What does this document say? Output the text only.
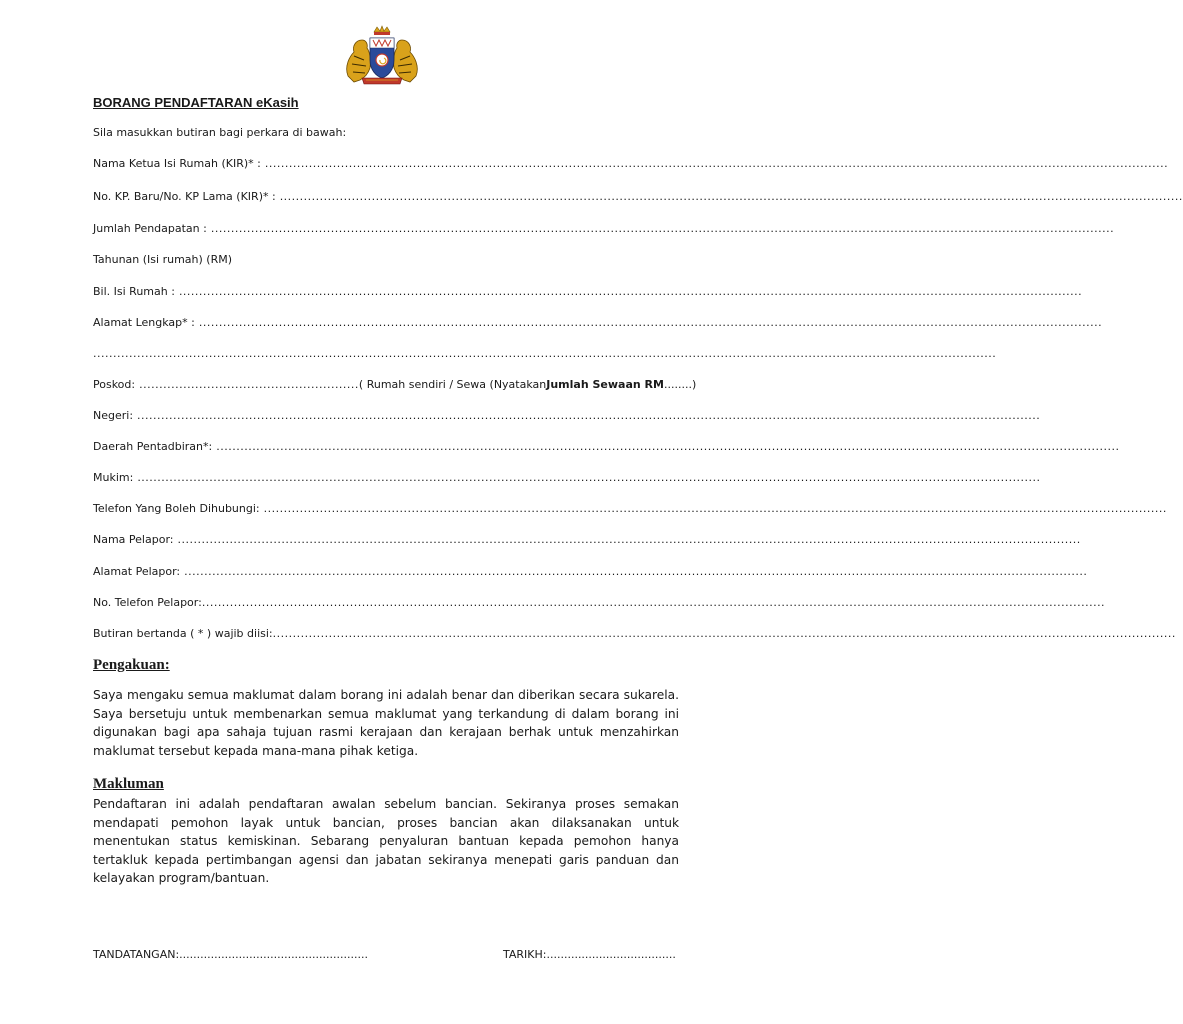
BORANG PENDAFTARAN eKasih
Sila masukkan butiran bagi perkara di bawah:
Nama Ketua Isi Rumah (KIR)* :
.....
No. KP. Baru/No. KP Lama (KIR)* :
.....
Jumlah Pendapatan :
.....
Tahunan (Isi rumah) (RM)
Bil. Isi Rumah :
.....
Alamat Lengkap* :
.....
.....
Poskod: ....................................................... ( Rumah sendiri / Sewa (Nyatakan Jumlah Sewaan RM ........)
Negeri:
.....
Daerah Pentadbiran*:
.....
Mukim:
.....
Telefon Yang Boleh Dihubungi:
.....
Nama Pelapor:
.....
Alamat Pelapor:
.....
No. Telefon Pelapor:
.....
Butiran bertanda ( * ) wajib diisi:
.....
Pengakuan:
Saya mengaku semua maklumat dalam borang ini adalah benar dan diberikan secara sukarela. Saya bersetuju untuk membenarkan semua maklumat yang terkandung di dalam borang ini digunakan bagi apa sahaja tujuan rasmi kerajaan dan kerajaan berhak untuk menzahirkan maklumat tersebut kepada mana-mana pihak ketiga.
Makluman
Pendaftaran ini adalah pendaftaran awalan sebelum bancian. Sekiranya proses semakan mendapati pemohon layak untuk bancian, proses bancian akan dilaksanakan untuk menentukan status kemiskinan. Sebarang penyaluran bantuan kepada pemohon hanya tertakluk kepada pertimbangan agensi dan jabatan sekiranya menepati garis panduan dan kelayakan program/bantuan.
TANDATANGAN:......................................................	TARIKH:.....................................
